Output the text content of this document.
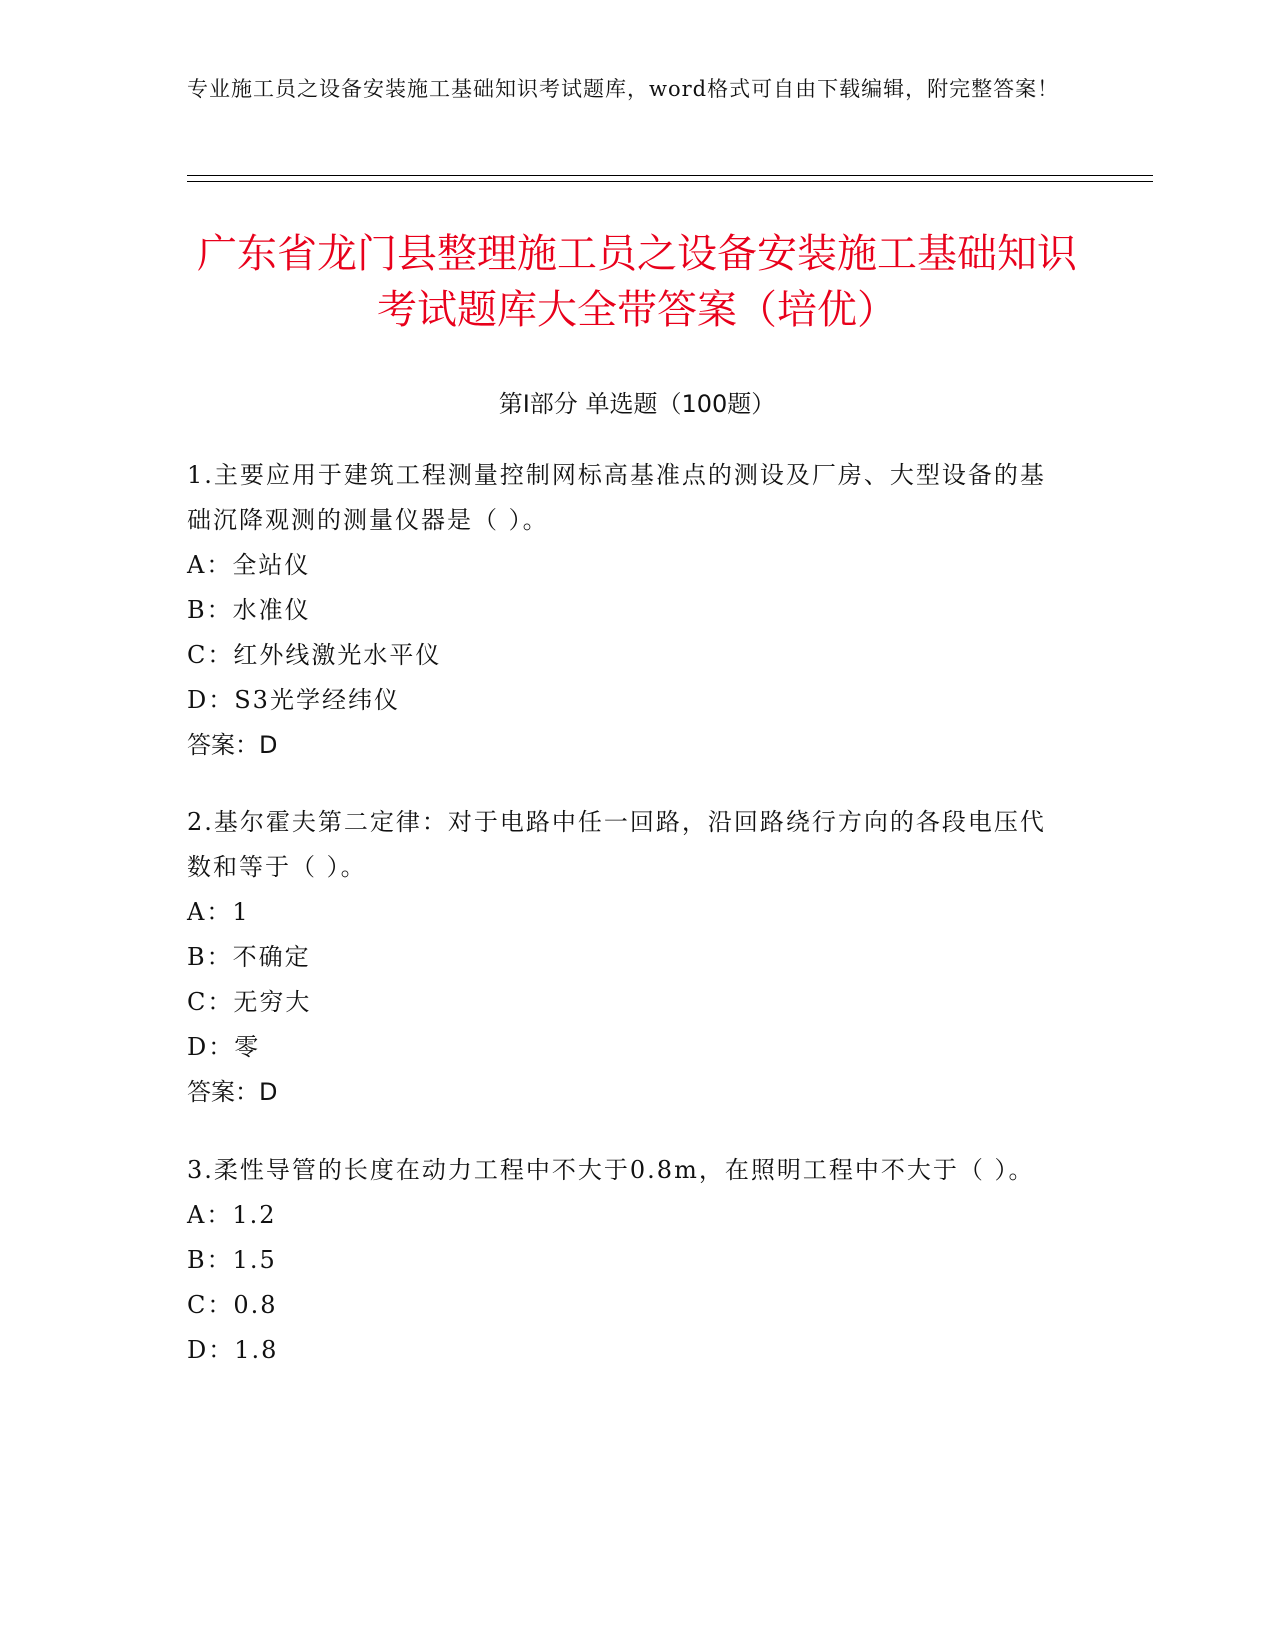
专业施工员之设备安装施工基础知识考试题库，word格式可自由下载编辑，附完整答案！
广东省龙门县整理施工员之设备安装施工基础知识考试题库大全带答案（培优）
第Ⅰ部分 单选题（100题）
1.主要应用于建筑工程测量控制网标高基准点的测设及厂房、大型设备的基础沉降观测的测量仪器是（ ）。
A：全站仪
B：水准仪
C：红外线激光水平仪
D：S3光学经纬仪
答案：D
2.基尔霍夫第二定律：对于电路中任一回路，沿回路绕行方向的各段电压代数和等于（ ）。
A：1
B：不确定
C：无穷大
D：零
答案：D
3.柔性导管的长度在动力工程中不大于0.8m，在照明工程中不大于（ ）。
A：1.2
B：1.5
C：0.8
D：1.8
